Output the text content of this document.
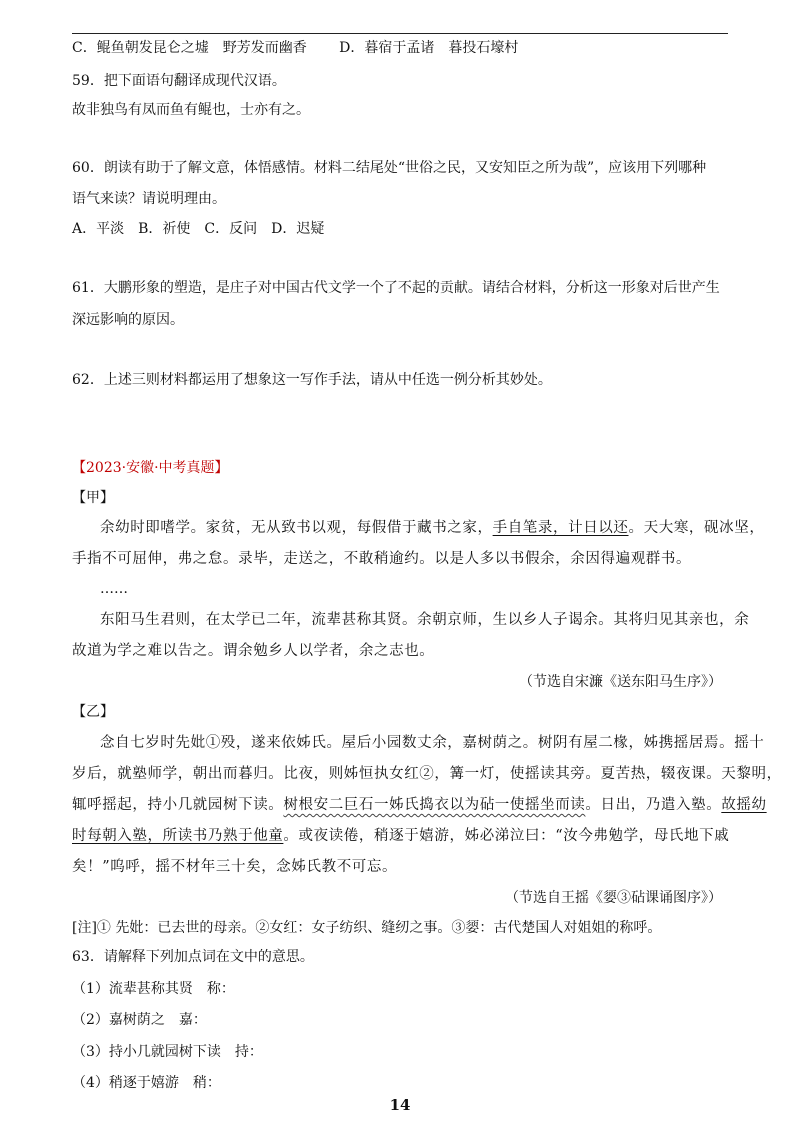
C．鲲鱼朝发昆仑之墟　野芳发而幽香　　 D．暮宿于孟诸　暮投石壕村
59．把下面语句翻译成现代汉语。
故非独鸟有凤而鱼有鲲也，士亦有之。
60．朗读有助于了解文意，体悟感情。材料二结尾处“世俗之民，又安知臣之所为哉”，应该用下列哪种
语气来读？请说明理由。
A．平淡　B．祈使　C．反问　D．迟疑
61．大鹏形象的塑造，是庄子对中国古代文学一个了不起的贡献。请结合材料，分析这一形象对后世产生
深远影响的原因。
62．上述三则材料都运用了想象这一写作手法，请从中任选一例分析其妙处。
【2023·安徽·中考真题】
【甲】
余幼时即嗜学。家贫，无从致书以观，每假借于藏书之家，手自笔录，计日以还。天大寒，砚冰坚，
手指不可屈伸，弗之怠。录毕，走送之，不敢稍逾约。以是人多以书假余，余因得遍观群书。
……
东阳马生君则，在太学已二年，流辈甚称其贤。余朝京师，生以乡人子谒余。其将归见其亲也，余
故道为学之难以告之。谓余勉乡人以学者，余之志也。
（节选自宋濂《送东阳马生序》）
【乙】
念自七岁时先妣①殁，遂来依姊氏。屋后小园数丈余，嘉树荫之。树阴有屋二椽，姊携摇居焉。摇十
岁后，就塾师学，朝出而暮归。比夜，则姊恒执女红②，篝一灯，使摇读其旁。夏苦热，辍夜课。天黎明，
辄呼摇起，持小几就园树下读。树根安二巨石一姊氏捣衣以为砧一使摇坐而读。日出，乃遣入塾。故摇幼
时每朝入塾，所读书乃熟于他童。或夜读倦，稍逐于嬉游，姊必涕泣曰：“汝今弗勉学，母氏地下戚
矣！”呜呼，摇不材年三十矣，念姊氏教不可忘。
（节选自王摇《媭③砧课诵图序》）
[注]① 先妣：已去世的母亲。②女红：女子纺织、缝纫之事。③媭：古代楚国人对姐姐的称呼。
63．请解释下列加点词在文中的意思。
（1）流辈甚称其贤　称：
（2）嘉树荫之　嘉：
（3）持小几就园树下读　持：
（4）稍逐于嬉游　稍：
14
